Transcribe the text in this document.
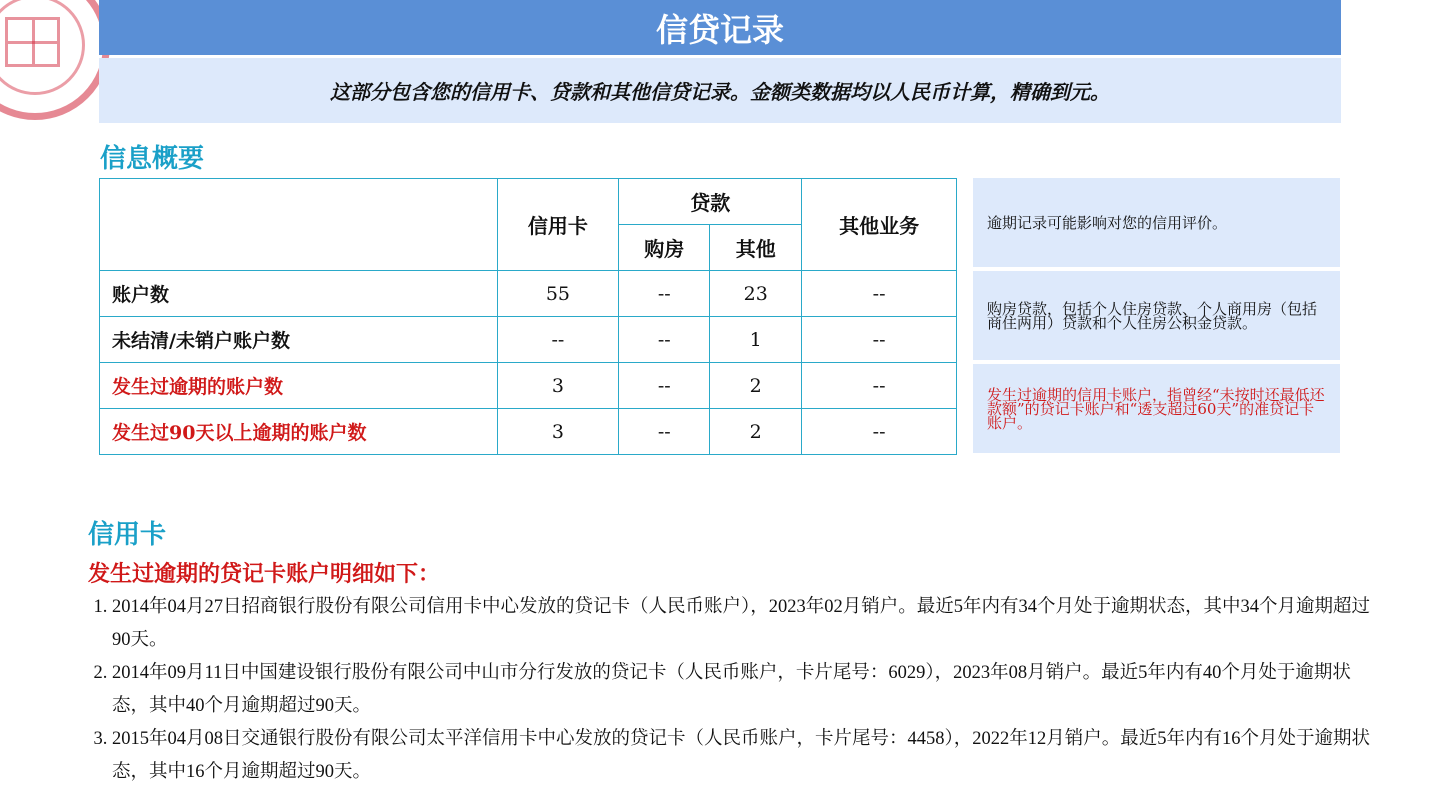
信贷记录
这部分包含您的信用卡、贷款和其他信贷记录。金额类数据均以人民币计算，精确到元。
信息概要
	信用卡	贷款		其他业务
		购房	其他	
账户数	55	--	23	--
未结清/未销户账户数	--	--	1	--
发生过逾期的账户数	3	--	2	--
发生过90天以上逾期的账户数	3	--	2	--
逾期记录可能影响对您的信用评价。
购房贷款，包括个人住房贷款、个人商用房（包括商住两用）贷款和个人住房公积金贷款。
发生过逾期的信用卡账户，指曾经“未按时还最低还款额”的贷记卡账户和“透支超过60天”的准贷记卡账户。
信用卡
发生过逾期的贷记卡账户明细如下：
1. 2014年04月27日招商银行股份有限公司信用卡中心发放的贷记卡（人民币账户），2023年02月销户。最近5年内有34个月处于逾期状态，其中34个月逾期超过90天。
2. 2014年09月11日中国建设银行股份有限公司中山市分行发放的贷记卡（人民币账户，卡片尾号：6029），2023年08月销户。最近5年内有40个月处于逾期状态，其中40个月逾期超过90天。
3. 2015年04月08日交通银行股份有限公司太平洋信用卡中心发放的贷记卡（人民币账户，卡片尾号：4458），2022年12月销户。最近5年内有16个月处于逾期状态，其中16个月逾期超过90天。
